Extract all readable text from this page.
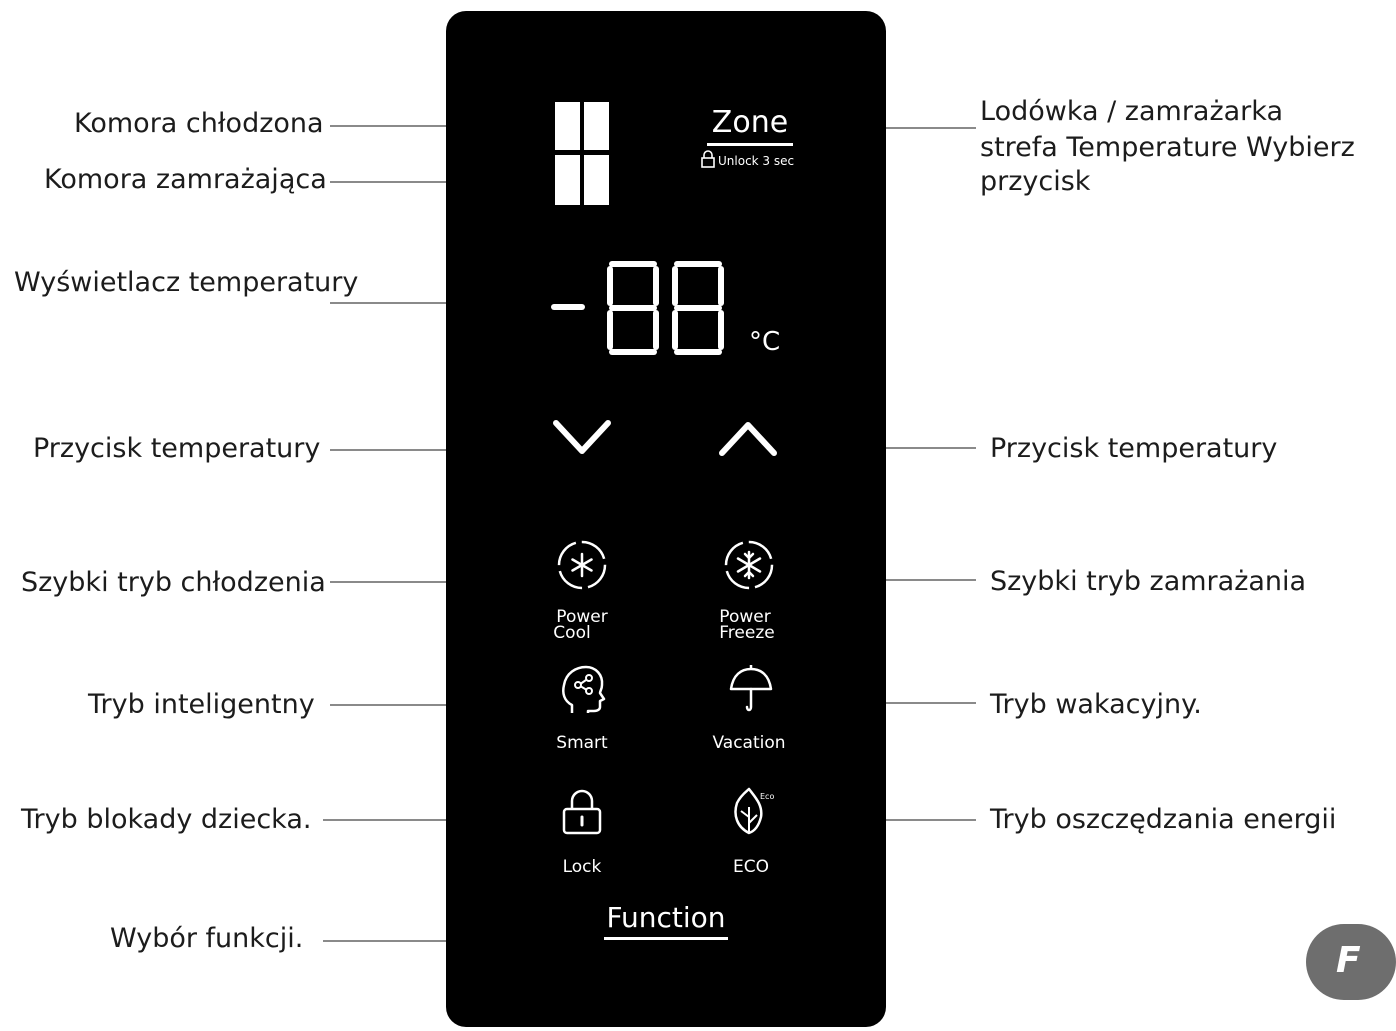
Komora chłodzona
Komora zamrażająca
Wyświetlacz temperatury
Przycisk temperatury
Szybki tryb chłodzenia
Tryb inteligentny
Tryb blokady dziecka.
Wybór funkcji.
Lodówka / zamrażarka
strefa Temperature Wybierz
przycisk
Przycisk temperatury
Szybki tryb zamrażania
Tryb wakacyjny.
Tryb oszczędzania energii
Zone
Unlock 3 sec
°C
Power
Cool
Power
Freeze
Smart	Vacation
Lock
Eco
ECO
Function
F
